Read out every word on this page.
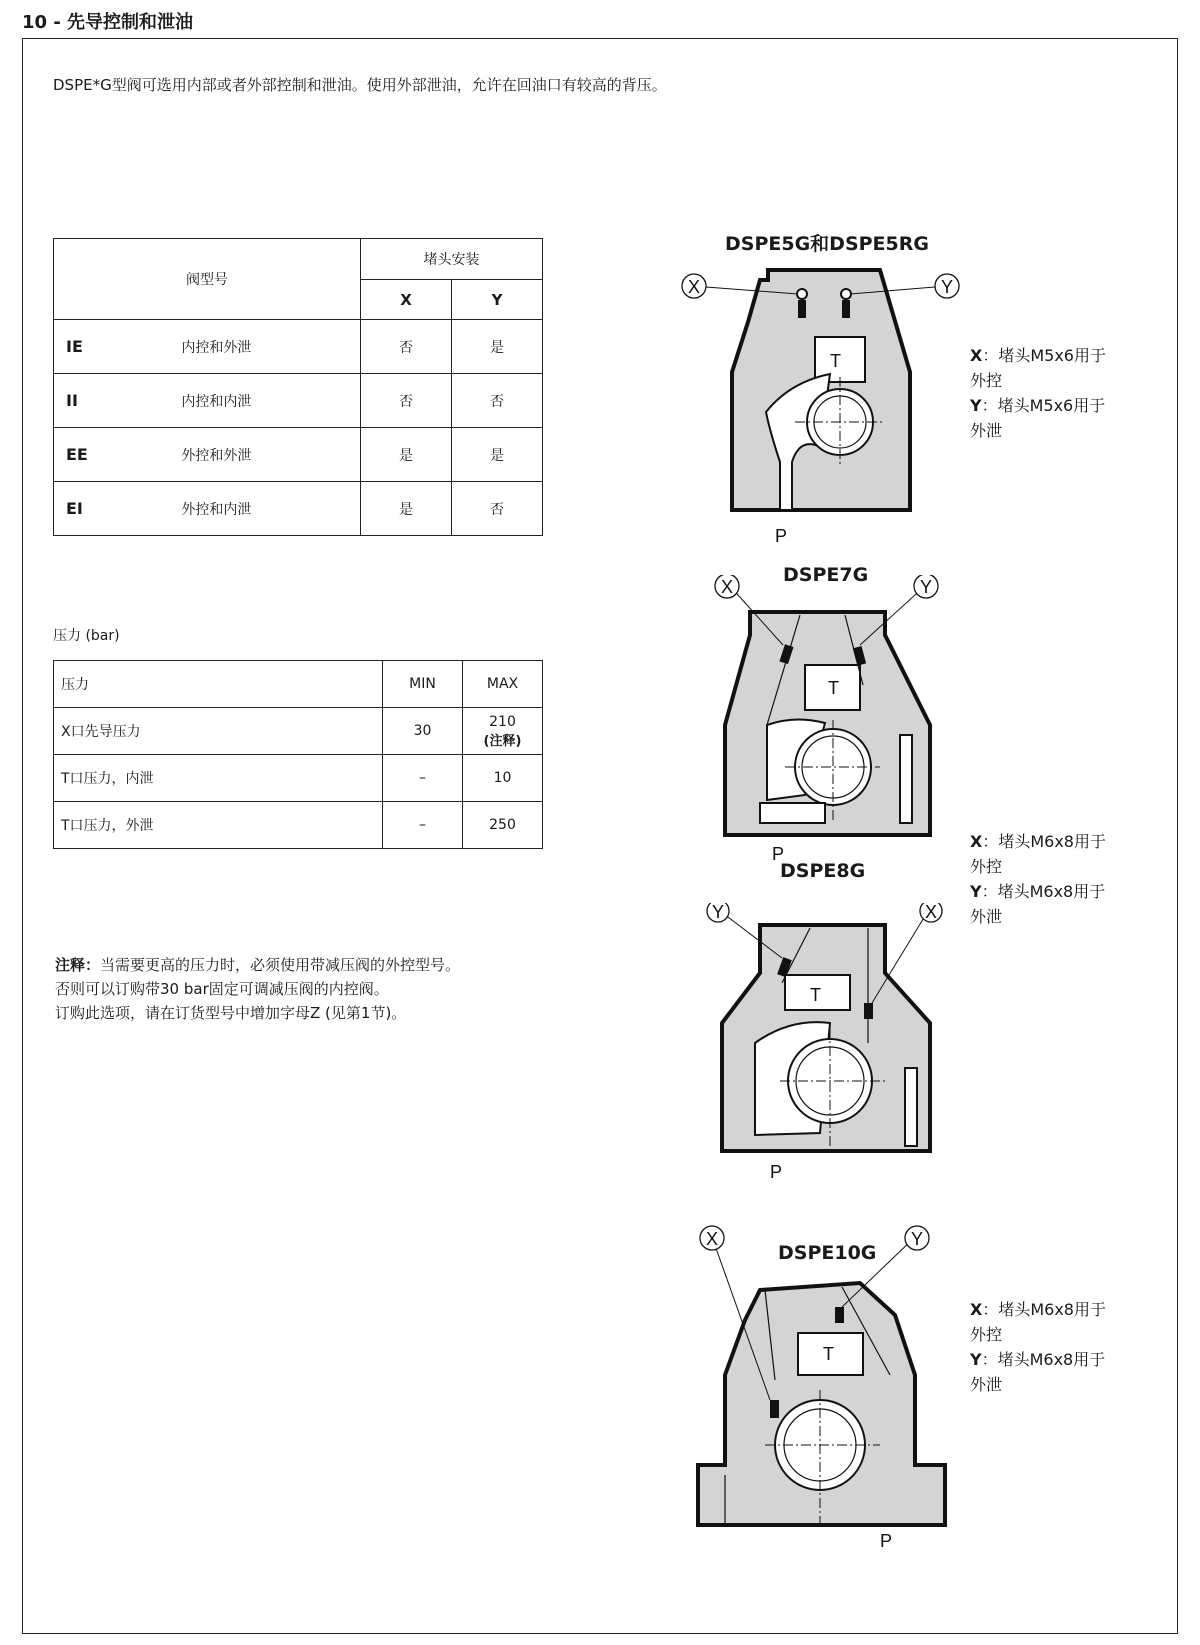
10 - 先导控制和泄油
DSPE*G型阀可选用内部或者外部控制和泄油。使用外部泄油，允许在回油口有较高的背压。
阀型号		堵头安装	
		X	Y
IE	内控和外泄	否	是
II	内控和内泄	否	否
EE	外控和外泄	是	是
EI	外控和内泄	是	否
压力 (bar)
压力	MIN	MAX
X口先导压力	30	210
(注释)

T口压力，内泄	–	10
T口压力，外泄	–	250
注释：当需要更高的压力时，必须使用带减压阀的外控型号。
否则可以订购带30 bar固定可调减压阀的内控阀。
订购此选项，请在订货型号中增加字母Z (见第1节)。
DSPE5G和DSPE5RG
T
X	Y
P
X：堵头M5x6用于
外控
Y：堵头M5x6用于
外泄
DSPE7G
T
X	Y
P
X：堵头M6x8用于
外控
Y：堵头M6x8用于
外泄
DSPE8G
T
Y	X
P
DSPE10G
T
X	Y
P
X：堵头M6x8用于
外控
Y：堵头M6x8用于
外泄
